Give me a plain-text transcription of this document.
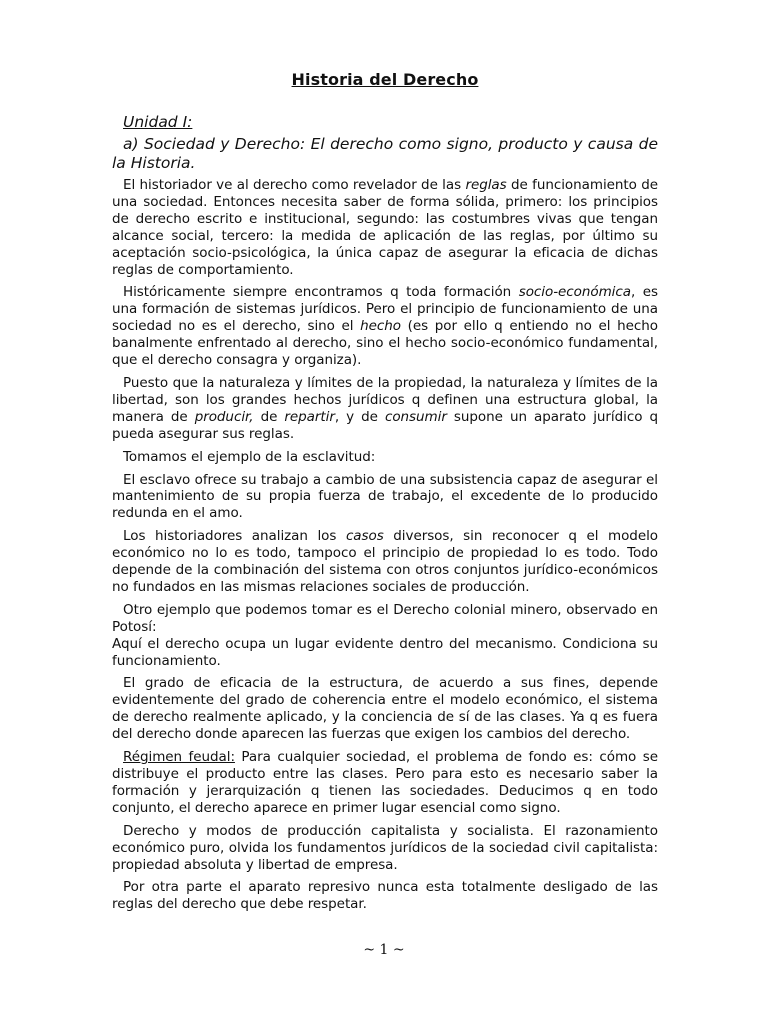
Historia del Derecho
Unidad I:
a) Sociedad y Derecho: El derecho como signo, producto y causa de la Historia.

El historiador ve al derecho como revelador de las reglas de funcionamiento de una sociedad. Entonces necesita saber de forma sólida, primero: los principios de derecho escrito e institucional, segundo: las costumbres vivas que tengan alcance social, tercero: la medida de aplicación de las reglas, por último su aceptación socio-psicológica, la única capaz de asegurar la eficacia de dichas reglas de comportamiento.

Históricamente siempre encontramos q toda formación socio-económica, es una formación de sistemas jurídicos. Pero el principio de funcionamiento de una sociedad no es el derecho, sino el hecho (es por ello q entiendo no el hecho banalmente enfrentado al derecho, sino el hecho socio-económico fundamental, que el derecho consagra y organiza).

Puesto que la naturaleza y límites de la propiedad, la naturaleza y límites de la libertad, son los grandes hechos jurídicos q definen una estructura global, la manera de producir, de repartir, y de consumir supone un aparato jurídico q pueda asegurar sus reglas.

Tomamos el ejemplo de la esclavitud:

El esclavo ofrece su trabajo a cambio de una subsistencia capaz de asegurar el mantenimiento de su propia fuerza de trabajo, el excedente de lo producido redunda en el amo.

Los historiadores analizan los casos diversos, sin reconocer q el modelo económico no lo es todo, tampoco el principio de propiedad lo es todo. Todo depende de la combinación del sistema con otros conjuntos jurídico-económicos no fundados en las mismas relaciones sociales de producción.

Otro ejemplo que podemos tomar es el Derecho colonial minero, observado en Potosí:
Aquí el derecho ocupa un lugar evidente dentro del mecanismo. Condiciona su funcionamiento.

El grado de eficacia de la estructura, de acuerdo a sus fines, depende evidentemente del grado de coherencia entre el modelo económico, el sistema de derecho realmente aplicado, y la conciencia de sí de las clases. Ya q es fuera del derecho donde aparecen las fuerzas que exigen los cambios del derecho.

Régimen feudal: Para cualquier sociedad, el problema de fondo es: cómo se distribuye el producto entre las clases. Pero para esto es necesario saber la formación y jerarquización q tienen las sociedades. Deducimos q en todo conjunto, el derecho aparece en primer lugar esencial como signo.

Derecho y modos de producción capitalista y socialista. El razonamiento económico puro, olvida los fundamentos jurídicos de la sociedad civil capitalista: propiedad absoluta y libertad de empresa.

Por otra parte el aparato represivo nunca esta totalmente desligado de las reglas del derecho que debe respetar.

~ 1 ~
